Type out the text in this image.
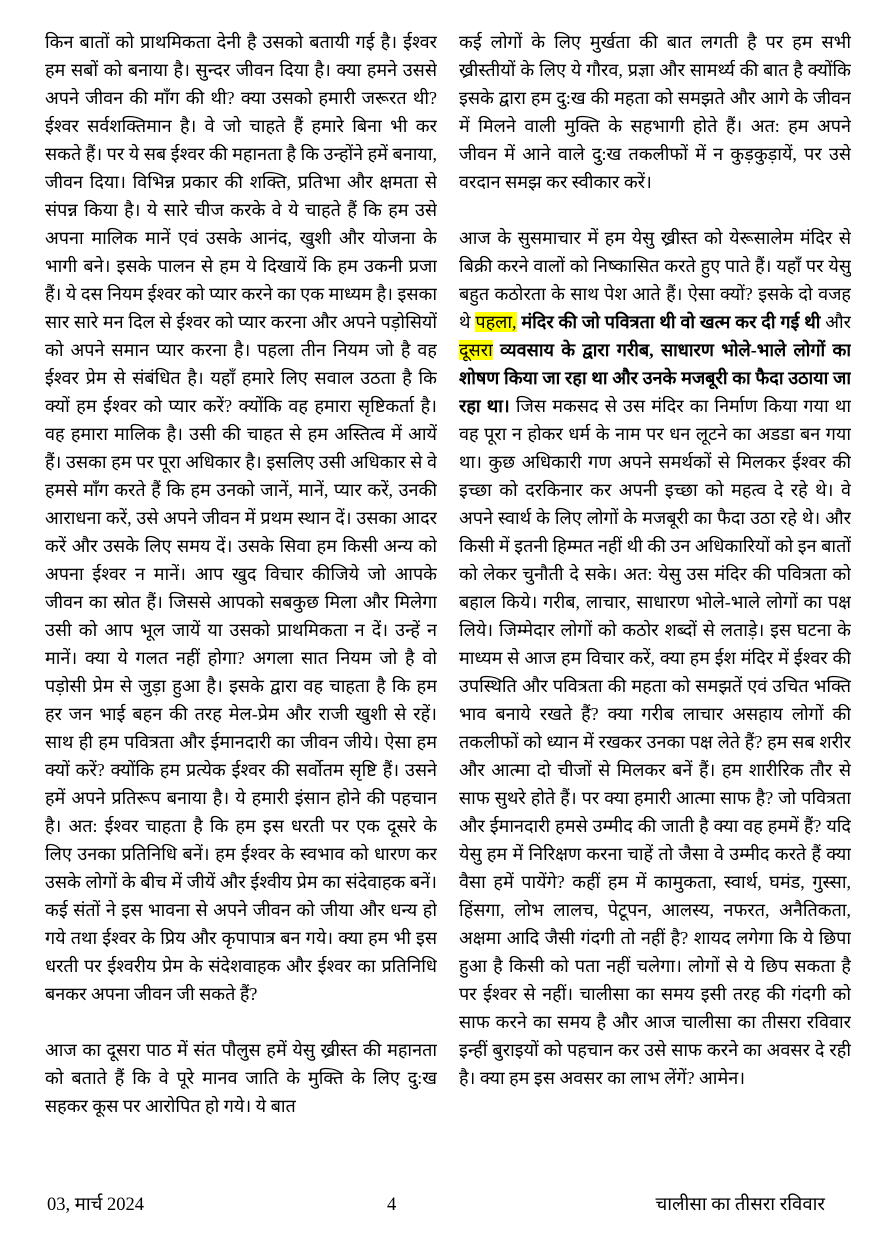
किन बातों को प्राथमिकता देनी है उसको बतायी गई है। ईश्वर हम सबों को बनाया है। सुन्दर जीवन दिया है। क्या हमने उससे अपने जीवन की माँग की थी? क्या उसको हमारी जरूरत थी? ईश्वर सर्वशक्तिमान है। वे जो चाहते हैं हमारे बिना भी कर सकते हैं। पर ये सब ईश्वर की महानता है कि उन्होंने हमें बनाया, जीवन दिया। विभिन्न प्रकार की शक्ति, प्रतिभा और क्षमता से संपन्न किया है। ये सारे चीज करके वे ये चाहते हैं कि हम उसे अपना मालिक मानें एवं उसके आनंद, खुशी और योजना के भागी बने। इसके पालन से हम ये दिखायें कि हम उकनी प्रजा हैं। ये दस नियम ईश्वर को प्यार करने का एक माध्यम है। इसका सार सारे मन दिल से ईश्वर को प्यार करना और अपने पड़ोसियों को अपने समान प्यार करना है। पहला तीन नियम जो है वह ईश्वर प्रेम से संबंधित है। यहाँ हमारे लिए सवाल उठता है कि क्यों हम ईश्वर को प्यार करें? क्योंकि वह हमारा सृष्टिकर्ता है। वह हमारा मालिक है। उसी की चाहत से हम अस्तित्व में आयें हैं। उसका हम पर पूरा अधिकार है। इसलिए उसी अधिकार से वे हमसे माँग करते हैं कि हम उनको जानें, मानें, प्यार करें, उनकी आराधना करें, उसे अपने जीवन में प्रथम स्थान दें। उसका आदर करें और उसके लिए समय दें। उसके सिवा हम किसी अन्य को अपना ईश्वर न मानें। आप खुद विचार कीजिये जो आपके जीवन का स्रोत हैं। जिससे आपको सबकुछ मिला और मिलेगा उसी को आप भूल जायें या उसको प्राथमिकता न दें। उन्हें न मानें। क्या ये गलत नहीं होगा? अगला सात नियम जो है वो पड़ोसी प्रेम से जुड़ा हुआ है। इसके द्वारा वह चाहता है कि हम हर जन भाई बहन की तरह मेल-प्रेम और राजी खुशी से रहें। साथ ही हम पवित्रता और ईमानदारी का जीवन जीये। ऐसा हम क्यों करें? क्योंकि हम प्रत्येक ईश्वर की सर्वोतम सृष्टि हैं। उसने हमें अपने प्रतिरूप बनाया है। ये हमारी इंसान होने की पहचान है। अत: ईश्वर चाहता है कि हम इस धरती पर एक दूसरे के लिए उनका प्रतिनिधि बनें। हम ईश्वर के स्वभाव को धारण कर उसके लोगों के बीच में जीयें और ईश्वीय प्रेम का संदेवाहक बनें। कई संतों ने इस भावना से अपने जीवन को जीया और धन्य हो गये तथा ईश्वर के प्रिय और कृपापात्र बन गये। क्या हम भी इस धरती पर ईश्वरीय प्रेम के संदेशवाहक और ईश्वर का प्रतिनिधि बनकर अपना जीवन जी सकते हैं?

आज का दूसरा पाठ में संत पौलुस हमें येसु ख्रीस्त की महानता को बताते हैं कि वे पूरे मानव जाति के मुक्ति के लिए दु:ख सहकर कूस पर आरोपित हो गये। ये बात

कई लोगों के लिए मुर्खता की बात लगती है पर हम सभी ख्रीस्तीयों के लिए ये गौरव, प्रज्ञा और सामर्थ्य की बात है क्योंकि इसके द्वारा हम दु:ख की महता को समझते और आगे के जीवन में मिलने वाली मुक्ति के सहभागी होते हैं। अत: हम अपने जीवन में आने वाले दु:ख तकलीफों में न कुड़कुड़ायें, पर उसे वरदान समझ कर स्वीकार करें।

आज के सुसमाचार में हम येसु ख्रीस्त को येरूसालेम मंदिर से बिक्री करने वालों को निष्कासित करते हुए पाते हैं। यहाँ पर येसु बहुत कठोरता के साथ पेश आते हैं। ऐसा क्यों? इसके दो वजह थे पहला, मंदिर की जो पवित्रता थी वो खत्म कर दी गई थी और दूसरा व्यवसाय के द्वारा गरीब, साधारण भोले-भाले लोगों का शोषण किया जा रहा था और उनके मजबूरी का फैदा उठाया जा रहा था। जिस मकसद से उस मंदिर का निर्माण किया गया था वह पूरा न होकर धर्म के नाम पर धन लूटने का अडडा बन गया था। कुछ अधिकारी गण अपने समर्थकों से मिलकर ईश्वर की इच्छा को दरकिनार कर अपनी इच्छा को महत्व दे रहे थे। वे अपने स्वार्थ के लिए लोगों के मजबूरी का फैदा उठा रहे थे। और किसी में इतनी हिम्मत नहीं थी की उन अधिकारियों को इन बातों को लेकर चुनौती दे सके। अत: येसु उस मंदिर की पवित्रता को बहाल किये। गरीब, लाचार, साधारण भोले-भाले लोगों का पक्ष लिये। जिम्मेदार लोगों को कठोर शब्दों से लताड़े। इस घटना के माध्यम से आज हम विचार करें, क्या हम ईश मंदिर में ईश्वर की उपस्थिति और पवित्रता की महता को समझतें एवं उचित भक्ति भाव बनाये रखते हैं? क्या गरीब लाचार असहाय लोगों की तकलीफों को ध्यान में रखकर उनका पक्ष लेते हैं? हम सब शरीर और आत्मा दो चीजों से मिलकर बनें हैं। हम शारीरिक तौर से साफ सुथरे होते हैं। पर क्या हमारी आत्मा साफ है? जो पवित्रता और ईमानदारी हमसे उम्मीद की जाती है क्या वह हममें हैं? यदि येसु हम में निरिक्षण करना चाहें तो जैसा वे उम्मीद करते हैं क्या वैसा हमें पायेंगे? कहीं हम में कामुकता, स्वार्थ, घमंड, गुस्सा, हिंसगा, लोभ लालच, पेटूपन, आलस्य, नफरत, अनैतिकता, अक्षमा आदि जैसी गंदगी तो नहीं है? शायद लगेगा कि ये छिपा हुआ है किसी को पता नहीं चलेगा। लोगों से ये छिप सकता है पर ईश्वर से नहीं। चालीसा का समय इसी तरह की गंदगी को साफ करने का समय है और आज चालीसा का तीसरा रविवार इन्हीं बुराइयों को पहचान कर उसे साफ करने का अवसर दे रही है। क्या हम इस अवसर का लाभ लेंगें? आमेन।

03, मार्च 2024	4	चालीसा का तीसरा रविवार
